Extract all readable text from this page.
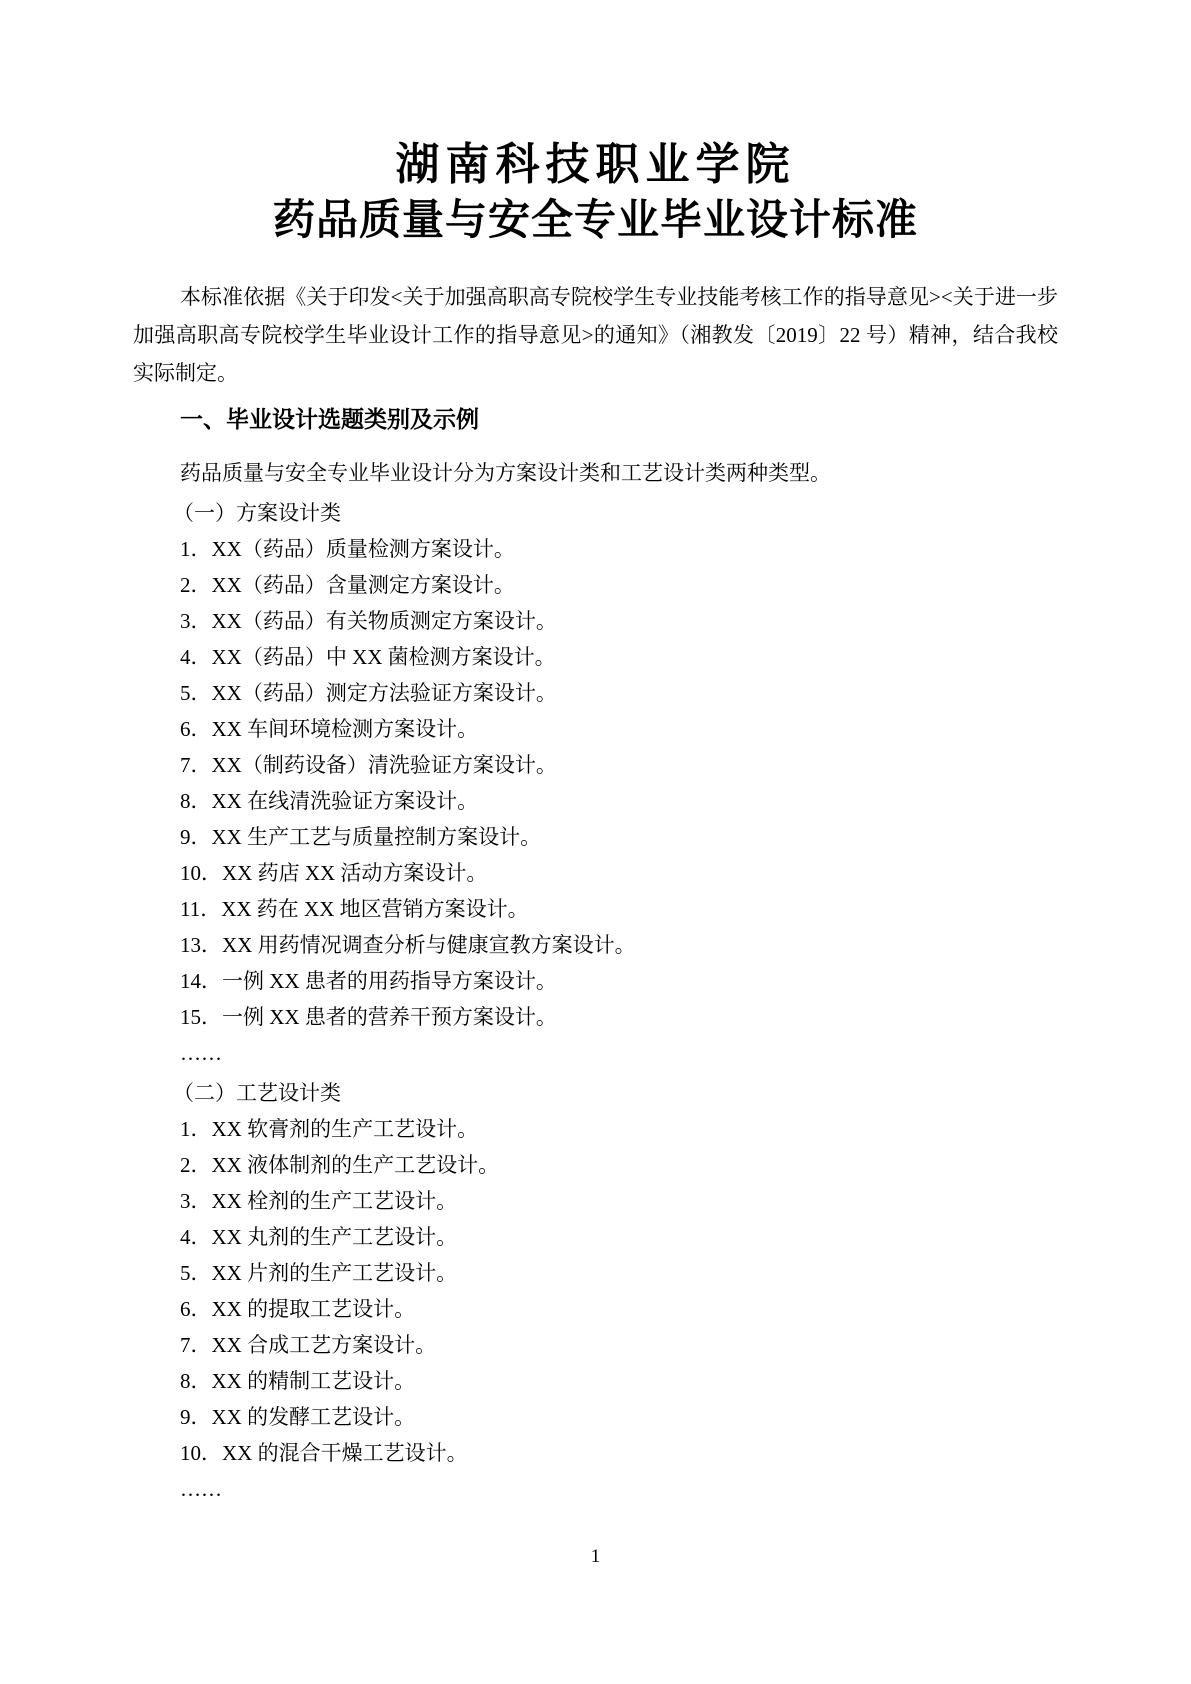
湖南科技职业学院
药品质量与安全专业毕业设计标准

本标准依据《关于印发<关于加强高职高专院校学生专业技能考核工作的指导意见><关于进一步加强高职高专院校学生毕业设计工作的指导意见>的通知》（湘教发〔2019〕22 号）精神，结合我校实际制定。

一、毕业设计选题类别及示例

药品质量与安全专业毕业设计分为方案设计类和工艺设计类两种类型。

（一）方案设计类

1．XX（药品）质量检测方案设计。

2．XX（药品）含量测定方案设计。

3．XX（药品）有关物质测定方案设计。

4．XX（药品）中 XX 菌检测方案设计。

5．XX（药品）测定方法验证方案设计。

6．XX 车间环境检测方案设计。

7．XX（制药设备）清洗验证方案设计。

8．XX 在线清洗验证方案设计。

9．XX 生产工艺与质量控制方案设计。

10．XX 药店 XX 活动方案设计。

11．XX 药在 XX 地区营销方案设计。

13．XX 用药情况调查分析与健康宣教方案设计。

14．一例 XX 患者的用药指导方案设计。

15．一例 XX 患者的营养干预方案设计。

……

（二）工艺设计类

1．XX 软膏剂的生产工艺设计。

2．XX 液体制剂的生产工艺设计。

3．XX 栓剂的生产工艺设计。

4．XX 丸剂的生产工艺设计。

5．XX 片剂的生产工艺设计。

6．XX 的提取工艺设计。

7．XX 合成工艺方案设计。

8．XX 的精制工艺设计。

9．XX 的发酵工艺设计。

10．XX 的混合干燥工艺设计。

……

1
